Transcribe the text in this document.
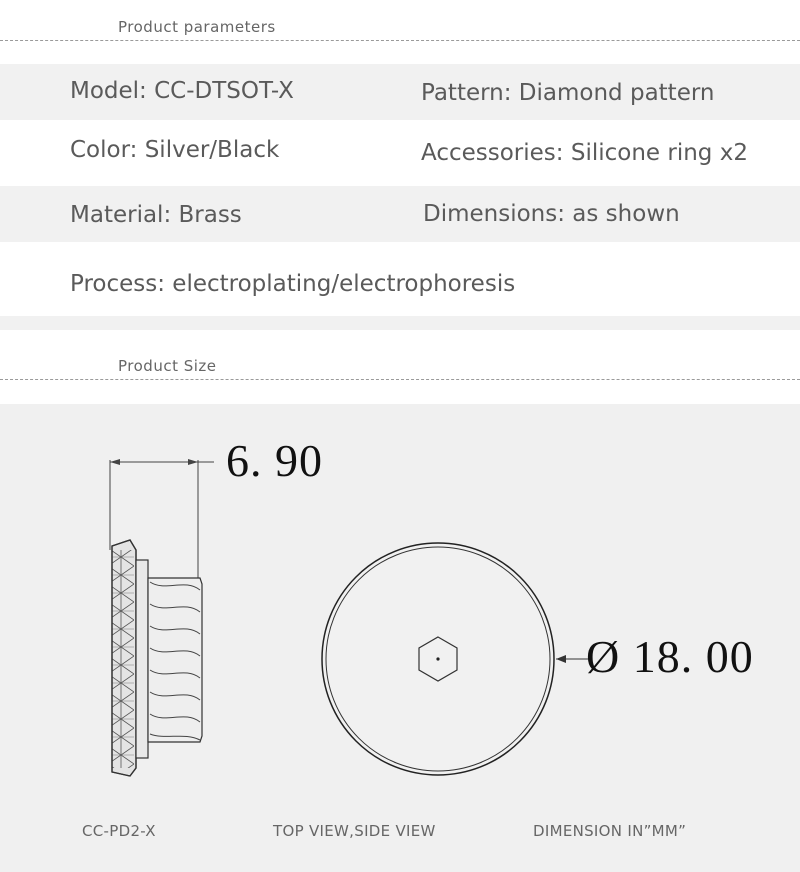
Product parameters
Model: CC-DTSOT-X	Pattern: Diamond pattern
Color: Silver/Black	Accessories: Silicone ring x2
Material: Brass	Dimensions: as shown
Process: electroplating/electrophoresis
Product Size
6. 90
Ø 18. 00
CC-PD2-X	TOP VIEW,SIDE VIEW	DIMENSION IN”MM”
